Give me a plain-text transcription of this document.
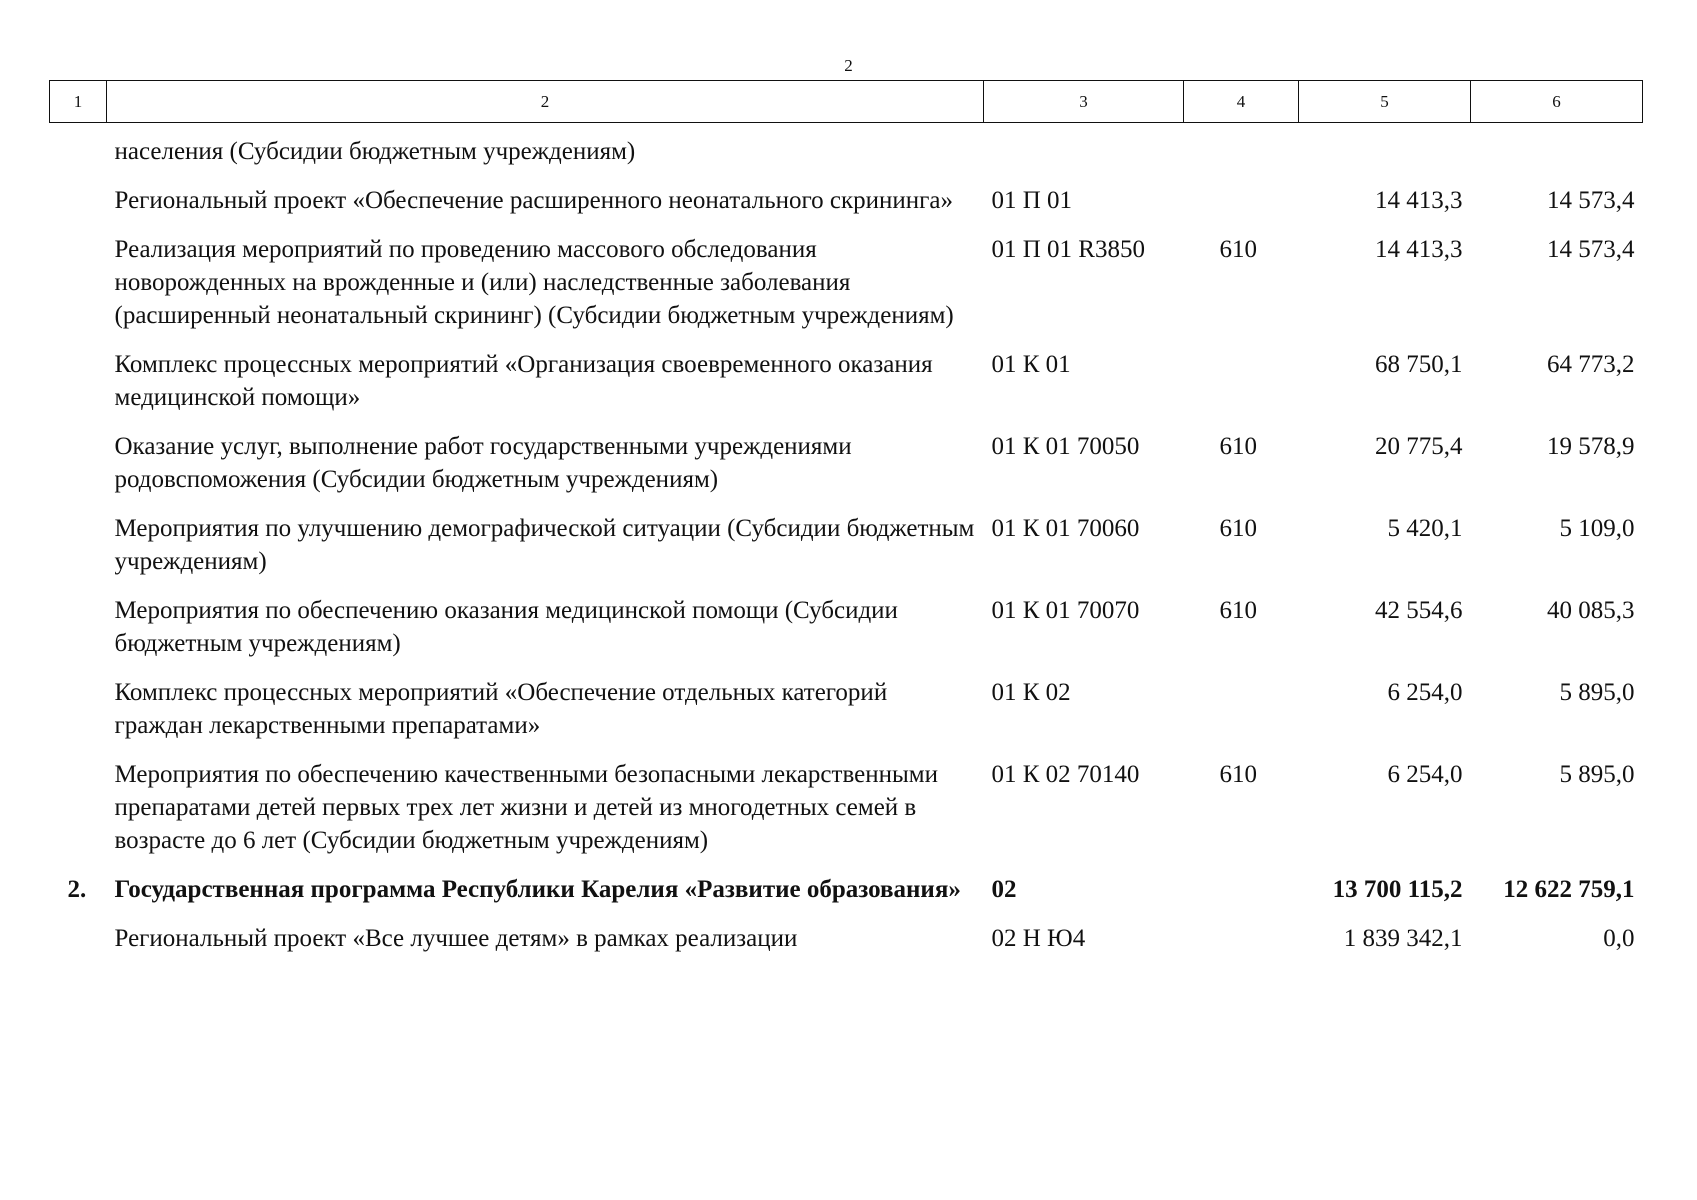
2
1	2	3	4	5	6
	населения (Субсидии бюджетным учреждениям)				
	Региональный проект «Обеспечение расширенного неонатального скрининга»	01 П 01		14 413,3	14 573,4
	Реализация мероприятий по проведению массового обследования новорожденных на врожденные и (или) наследственные заболевания (расширенный неонатальный скрининг) (Субсидии бюджетным учреждениям)	01 П 01 R3850	610	14 413,3	14 573,4
	Комплекс процессных мероприятий «Организация своевременного оказания медицинской помощи»	01 К 01		68 750,1	64 773,2
	Оказание услуг, выполнение работ государственными учреждениями родовспоможения (Субсидии бюджетным учреждениям)	01 К 01 70050	610	20 775,4	19 578,9
	Мероприятия по улучшению демографической ситуации (Субсидии бюджетным учреждениям)	01 К 01 70060	610	5 420,1	5 109,0
	Мероприятия по обеспечению оказания медицинской помощи (Субсидии бюджетным учреждениям)	01 К 01 70070	610	42 554,6	40 085,3
	Комплекс процессных мероприятий «Обеспечение отдельных категорий граждан лекарственными препаратами»	01 К 02		6 254,0	5 895,0
	Мероприятия по обеспечению качественными безопасными лекарственными препаратами детей первых трех лет жизни и детей из многодетных семей в возрасте до 6 лет (Субсидии бюджетным учреждениям)	01 К 02 70140	610	6 254,0	5 895,0
2.	Государственная программа Республики Карелия «Развитие образования»	02		13 700 115,2	12 622 759,1
	Региональный проект «Все лучшее детям» в рамках реализации	02 Н Ю4		1 839 342,1	0,0
